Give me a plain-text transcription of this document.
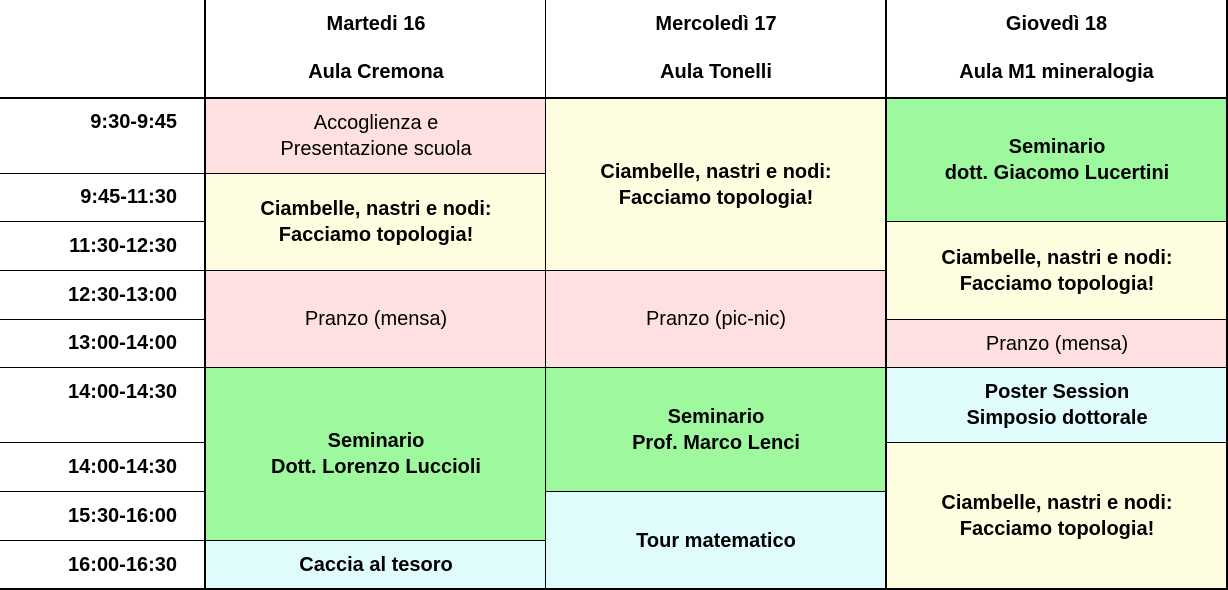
Martedi 16
Aula Cremona
Mercoledì 17
Aula Tonelli
Giovedì 18
Aula M1 mineralogia
9:30-9:45
9:45-11:30
11:30-12:30
12:30-13:00
13:00-14:00
14:00-14:30
14:00-14:30
15:30-16:00
16:00-16:30
Accoglienza e
Presentazione scuola
Ciambelle, nastri e nodi:
Facciamo topologia!
Pranzo (mensa)
Seminario
Dott. Lorenzo Luccioli
Caccia al tesoro
Ciambelle, nastri e nodi:
Facciamo topologia!
Pranzo (pic-nic)
Seminario
Prof. Marco Lenci
Tour matematico
Seminario
dott. Giacomo Lucertini
Ciambelle, nastri e nodi:
Facciamo topologia!
Pranzo (mensa)
Poster Session
Simposio dottorale
Ciambelle, nastri e nodi:
Facciamo topologia!
